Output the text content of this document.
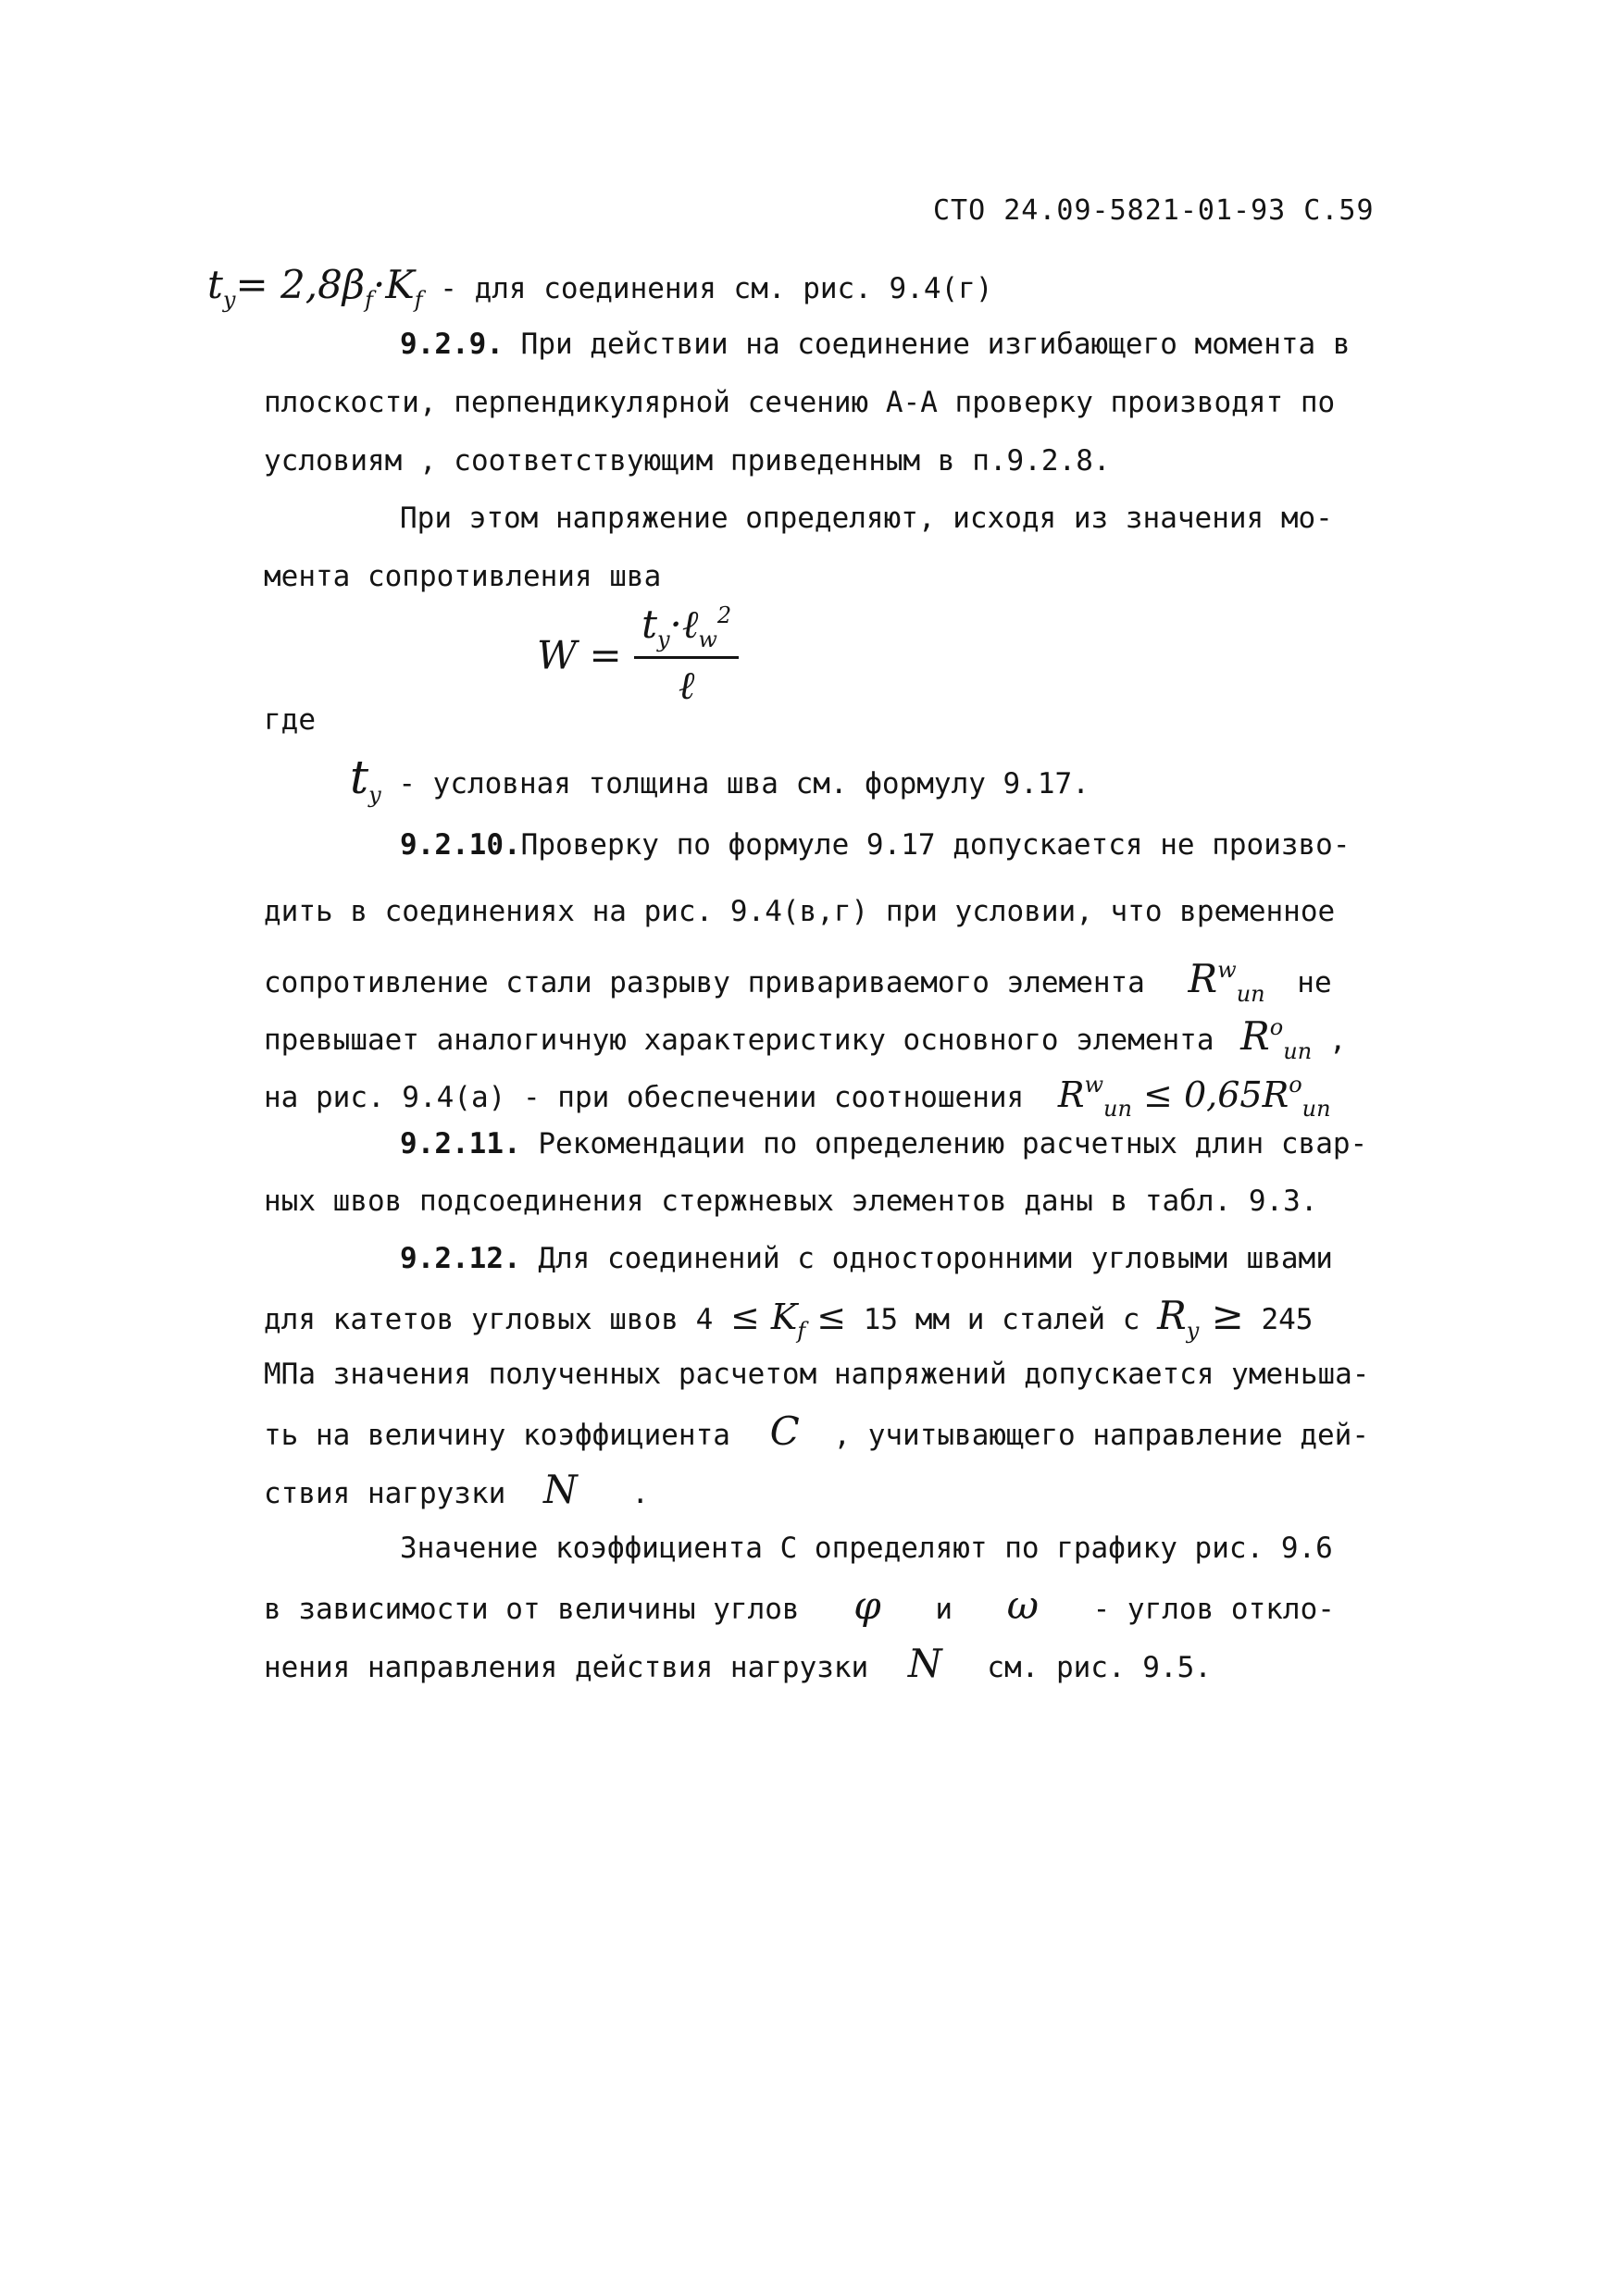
СТО 24.09-5821-01-93 С.59
$t_y= 2,8\beta_f\cdot K_f$ - для соединения см. рис. 9.4(г)
9.2.9. При действии на соединение изгибающего момента в
плоскости, перпендикулярной сечению А-А проверку производят по
условиям , соответствующим приведенным в п.9.2.8.
При этом напряжение определяют, исходя из значения мо-
мента сопротивления шва
$W = \frac{t_y\cdot\ell_w^2}{\text{ℓ}}$
где
$t_y$ - условная толщина шва см. формулу 9.17.
9.2.10.Проверку по формуле 9.17 допускается не произво-
дить в соединениях на рис. 9.4(в,г) при условии, что временное
сопротивление стали разрыву привариваемого элемента $R^w_{un}$ не
превышает аналогичную характеристику основного элемента $R^o_{un}$ ,
на рис. 9.4(а) - при обеспечении соотношения $R^w_{un} \le 0,65R^o_{un}$
9.2.11. Рекомендации по определению расчетных длин свар-
ных швов подсоединения стержневых элементов даны в табл. 9.3.
9.2.12. Для соединений с односторонними угловыми швами
для катетов угловых швов $4 \le K_f \le 15$ мм и сталей с $R_y \ge 245$
МПа значения полученных расчетом напряжений допускается уменьша-
ть на величину коэффициента C , учитывающего направление дей-
ствия нагрузки N .
Значение коэффициента С определяют по графику рис. 9.6
в зависимости от величины углов φ и ω - углов откло-
нения направления действия нагрузки N см. рис. 9.5.
